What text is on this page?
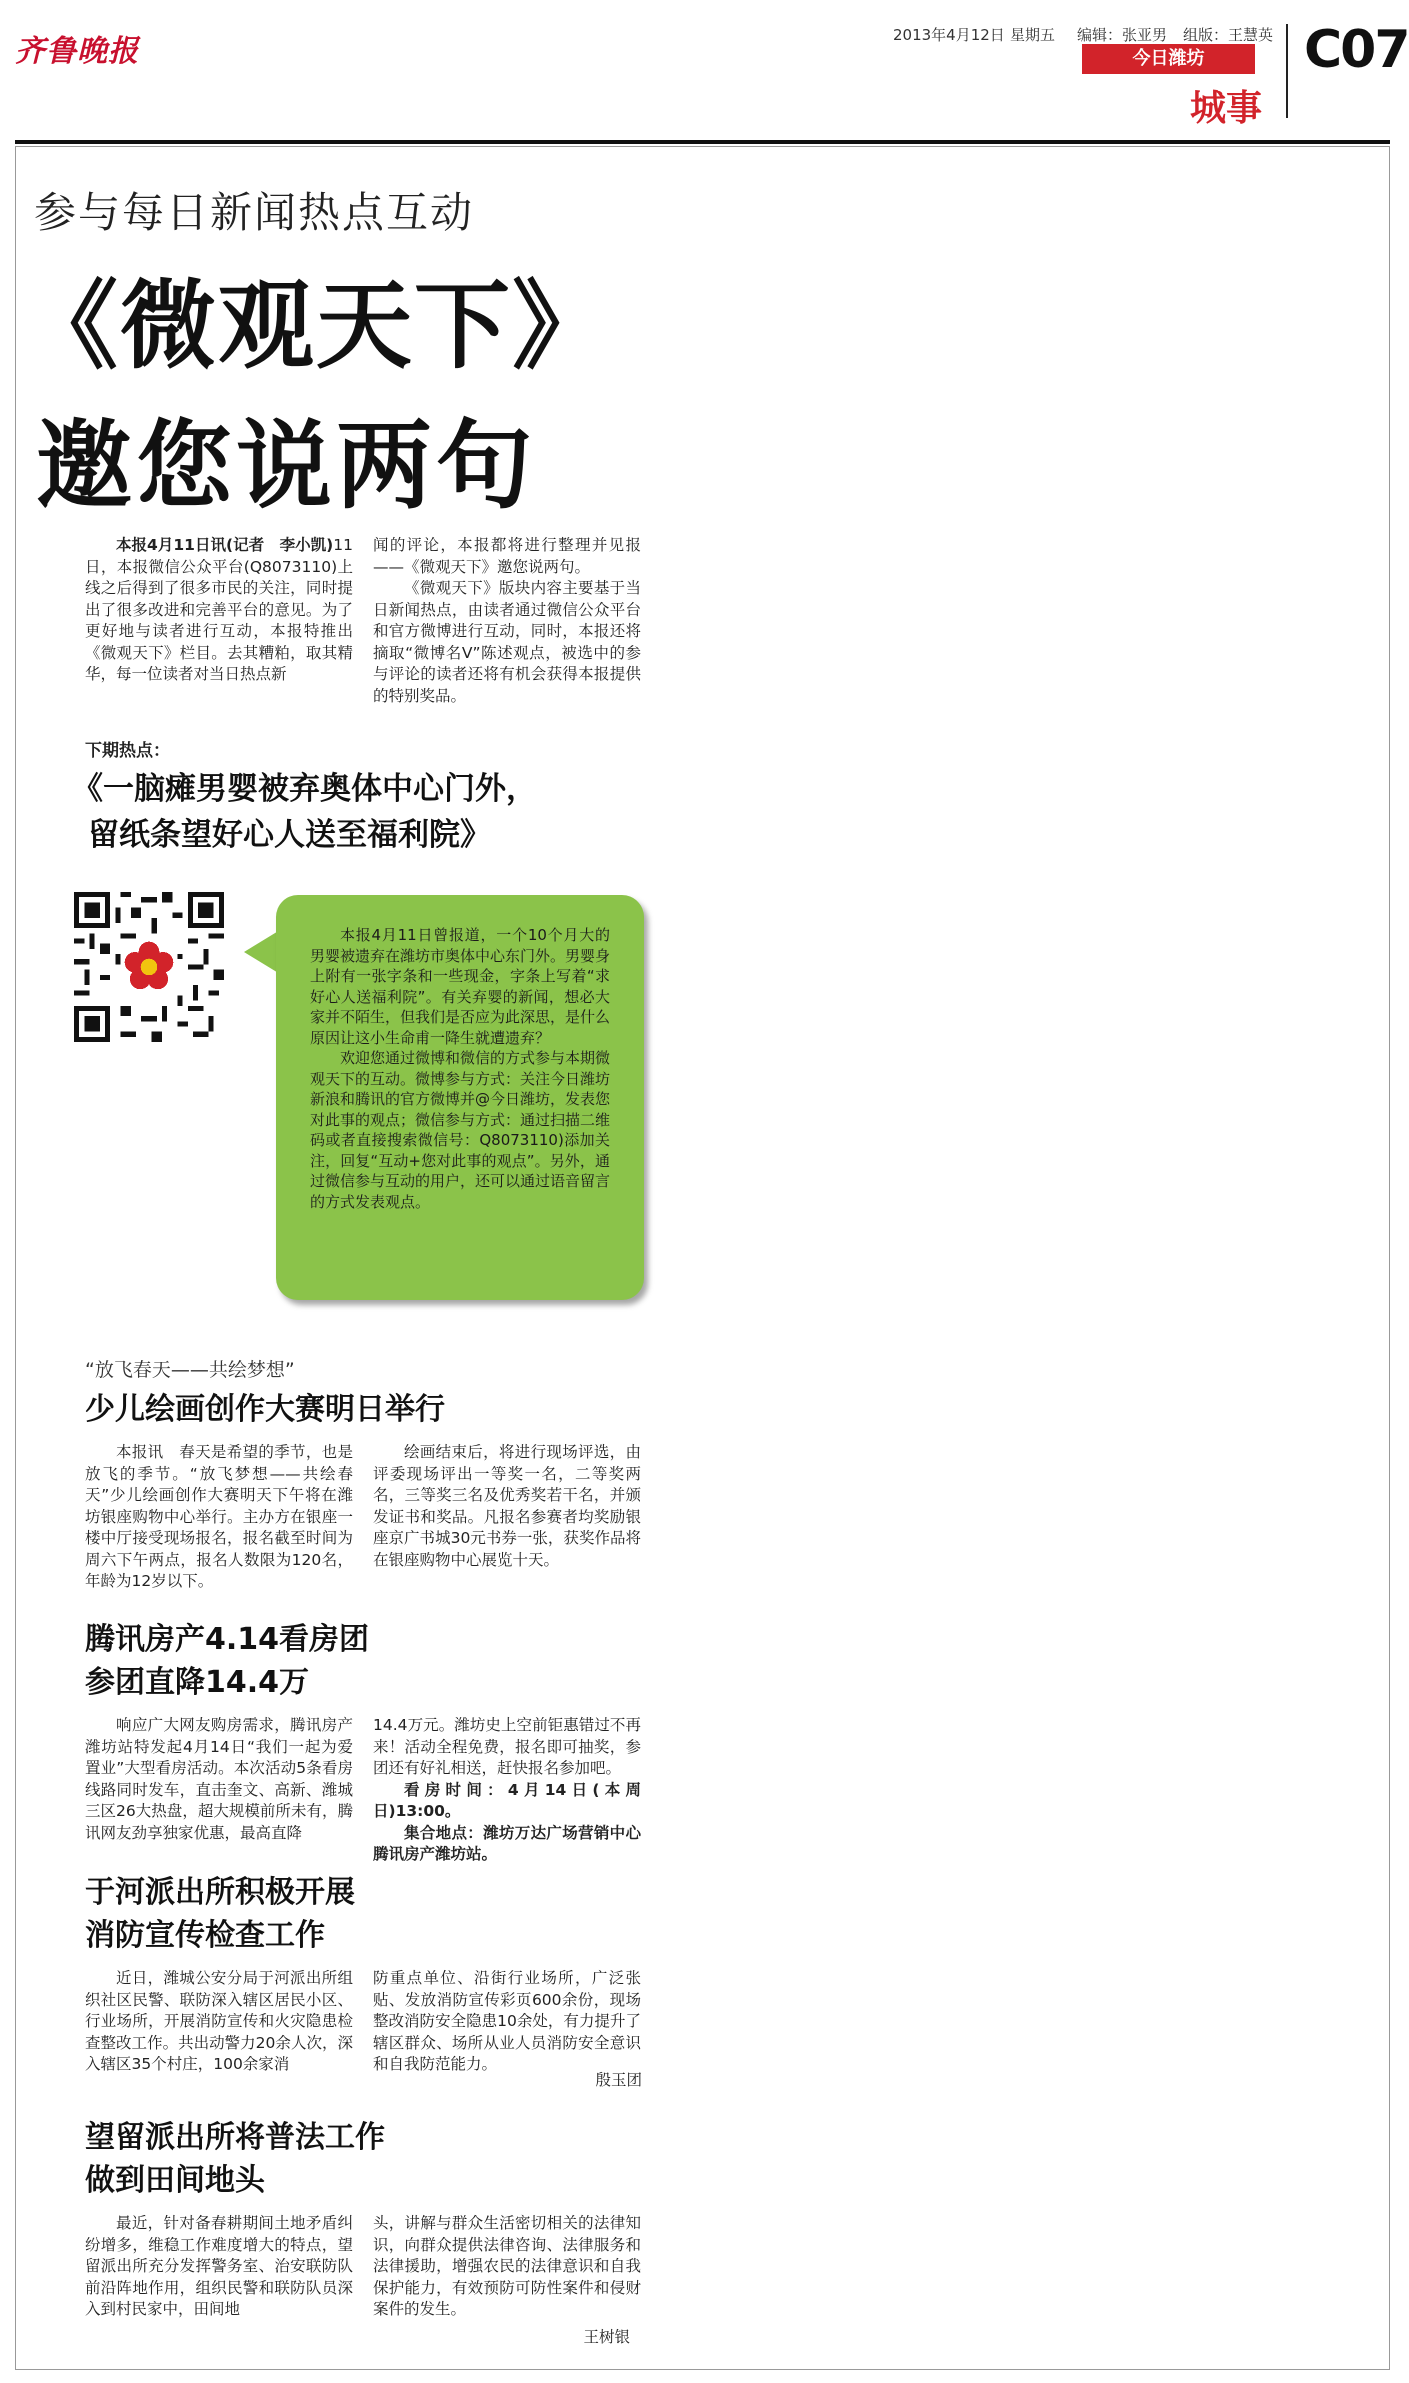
齐鲁晚报	2013年4月12日 星期五 编辑：张亚男 组版：王慧英
今日潍坊
城事
C07
参与每日新闻热点互动
《微观天下》
邀您说两句

本报4月11日讯(记者　李小凯)11日，本报微信公众平台(Q8073110)上线之后得到了很多市民的关注，同时提出了很多改进和完善平台的意见。为了更好地与读者进行互动，本报特推出《微观天下》栏目。去其糟粕，取其精华，每一位读者对当日热点新

闻的评论，本报都将进行整理并见报——《微观天下》邀您说两句。

《微观天下》版块内容主要基于当日新闻热点，由读者通过微信公众平台和官方微博进行互动，同时，本报还将摘取“微博名V”陈述观点，被选中的参与评论的读者还将有机会获得本报提供的特别奖品。

下期热点：
《一脑瘫男婴被弃奥体中心门外，
留纸条望好心人送至福利院》

本报4月11日曾报道，一个10个月大的男婴被遗弃在潍坊市奥体中心东门外。男婴身上附有一张字条和一些现金，字条上写着“求好心人送福利院”。有关弃婴的新闻，想必大家并不陌生，但我们是否应为此深思，是什么原因让这小生命甫一降生就遭遗弃？

欢迎您通过微博和微信的方式参与本期微观天下的互动。微博参与方式：关注今日潍坊新浪和腾讯的官方微博并@今日潍坊，发表您对此事的观点；微信参与方式：通过扫描二维码或者直接搜索微信号：Q8073110)添加关注，回复“互动+您对此事的观点”。另外，通过微信参与互动的用户，还可以通过语音留言的方式发表观点。

“放飞春天——共绘梦想”
少儿绘画创作大赛明日举行

本报讯　春天是希望的季节，也是放飞的季节。“放飞梦想——共绘春天”少儿绘画创作大赛明天下午将在潍坊银座购物中心举行。主办方在银座一楼中厅接受现场报名，报名截至时间为周六下午两点，报名人数限为120名，年龄为12岁以下。

绘画结束后，将进行现场评选，由评委现场评出一等奖一名，二等奖两名，三等奖三名及优秀奖若干名，并颁发证书和奖品。凡报名参赛者均奖励银座京广书城30元书券一张，获奖作品将在银座购物中心展览十天。

腾讯房产4.14看房团
参团直降14.4万

响应广大网友购房需求，腾讯房产潍坊站特发起4月14日“我们一起为爱置业”大型看房活动。本次活动5条看房线路同时发车，直击奎文、高新、潍城三区26大热盘，超大规模前所未有，腾讯网友劲享独家优惠，最高直降

14.4万元。潍坊史上空前钜惠错过不再来！活动全程免费，报名即可抽奖，参团还有好礼相送，赶快报名参加吧。

看房时间：4月14日(本周日)13:00。

集合地点：潍坊万达广场营销中心腾讯房产潍坊站。

于河派出所积极开展
消防宣传检查工作

近日，潍城公安分局于河派出所组织社区民警、联防深入辖区居民小区、行业场所，开展消防宣传和火灾隐患检查整改工作。共出动警力20余人次，深入辖区35个村庄，100余家消

防重点单位、沿街行业场所，广泛张贴、发放消防宣传彩页600余份，现场整改消防安全隐患10余处，有力提升了辖区群众、场所从业人员消防安全意识和自我防范能力。

殷玉团
望留派出所将普法工作
做到田间地头

最近，针对备春耕期间土地矛盾纠纷增多，维稳工作难度增大的特点，望留派出所充分发挥警务室、治安联防队前沿阵地作用，组织民警和联防队员深入到村民家中，田间地

头，讲解与群众生活密切相关的法律知识，向群众提供法律咨询、法律服务和法律援助，增强农民的法律意识和自我保护能力，有效预防可防性案件和侵财案件的发生。

王树银
